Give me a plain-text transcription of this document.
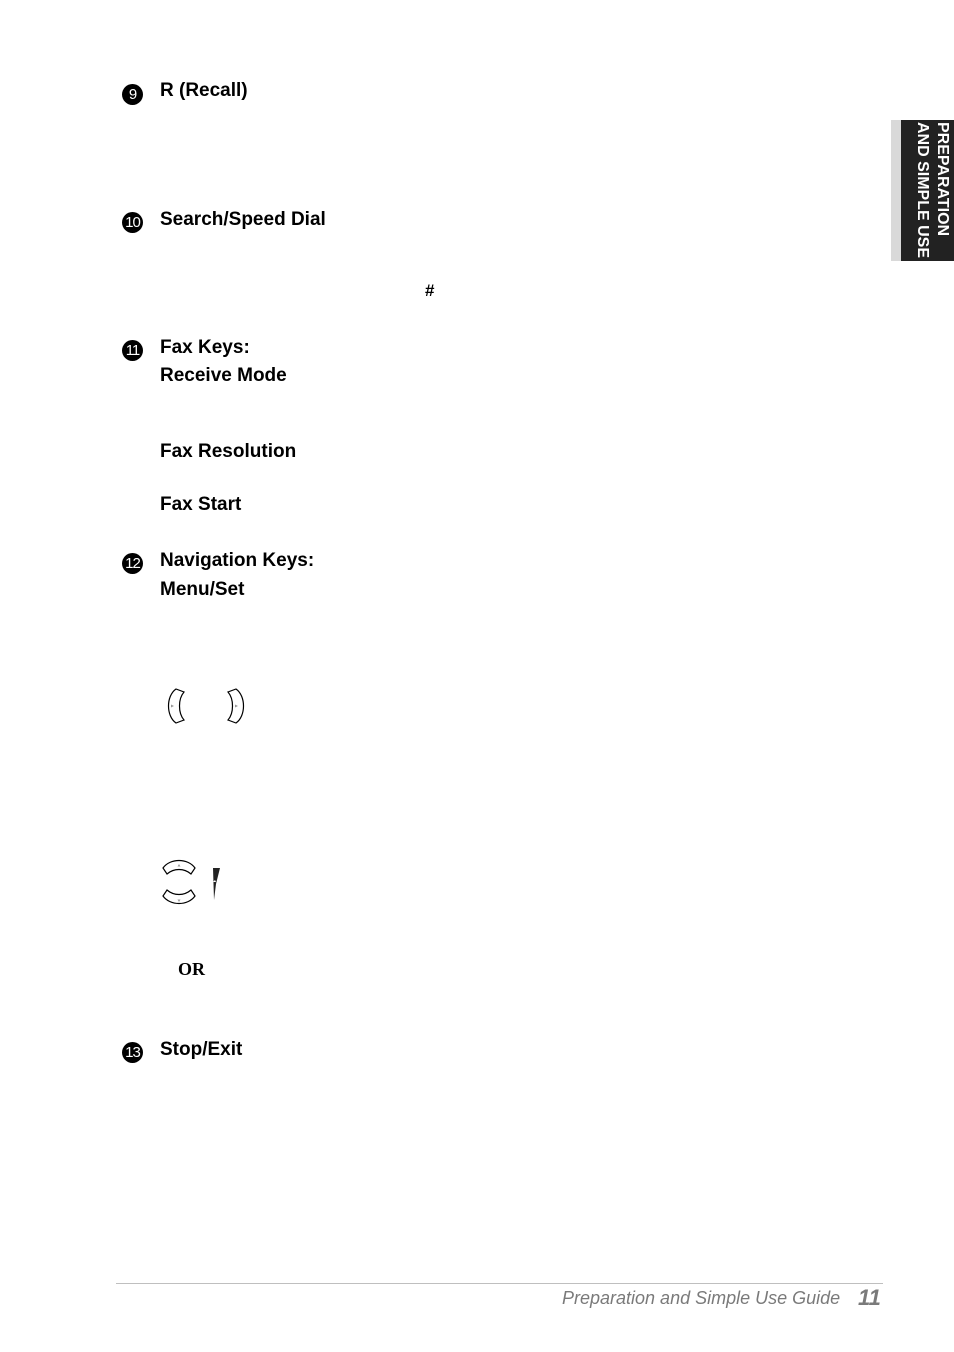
PREPARATION
AND SIMPLE USE
9	R (Recall)
10 Search/Speed Dial
#
11 Fax Keys:
Receive Mode
Fax Resolution
Fax Start
12 Navigation Keys:
Menu/Set
OR
13 Stop/Exit
Preparation and Simple Use Guide 11
